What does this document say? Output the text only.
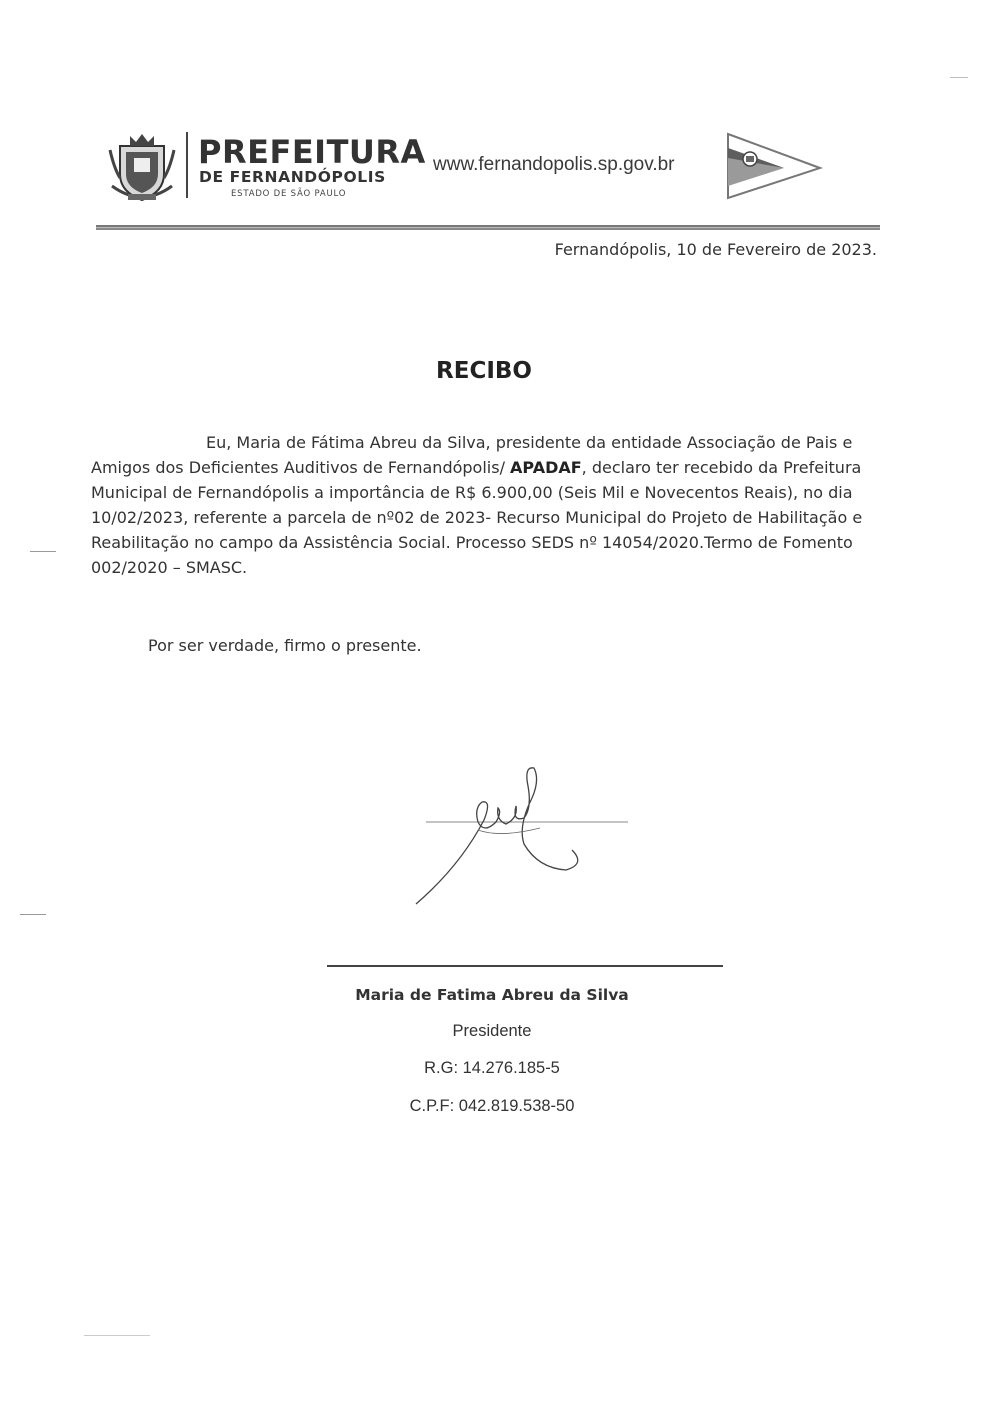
PREFEITURA
DE FERNANDÓPOLIS
ESTADO DE SÃO PAULO
www.fernandopolis.sp.gov.br
Fernandópolis, 10 de Fevereiro de 2023.
RECIBO

Eu, Maria de Fátima Abreu da Silva, presidente da entidade Associação de Pais e Amigos dos Deficientes Auditivos de Fernandópolis/ APADAF, declaro ter recebido da Prefeitura Municipal de Fernandópolis a importância de R$ 6.900,00 (Seis Mil e Novecentos Reais), no dia 10/02/2023, referente a parcela de nº02 de 2023- Recurso Municipal do Projeto de Habilitação e Reabilitação no campo da Assistência Social. Processo SEDS nº 14054/2020.Termo de Fomento 002/2020 – SMASC.

Por ser verdade, firmo o presente.
Maria de Fatima Abreu da Silva
Presidente
R.G: 14.276.185-5
C.P.F: 042.819.538-50
